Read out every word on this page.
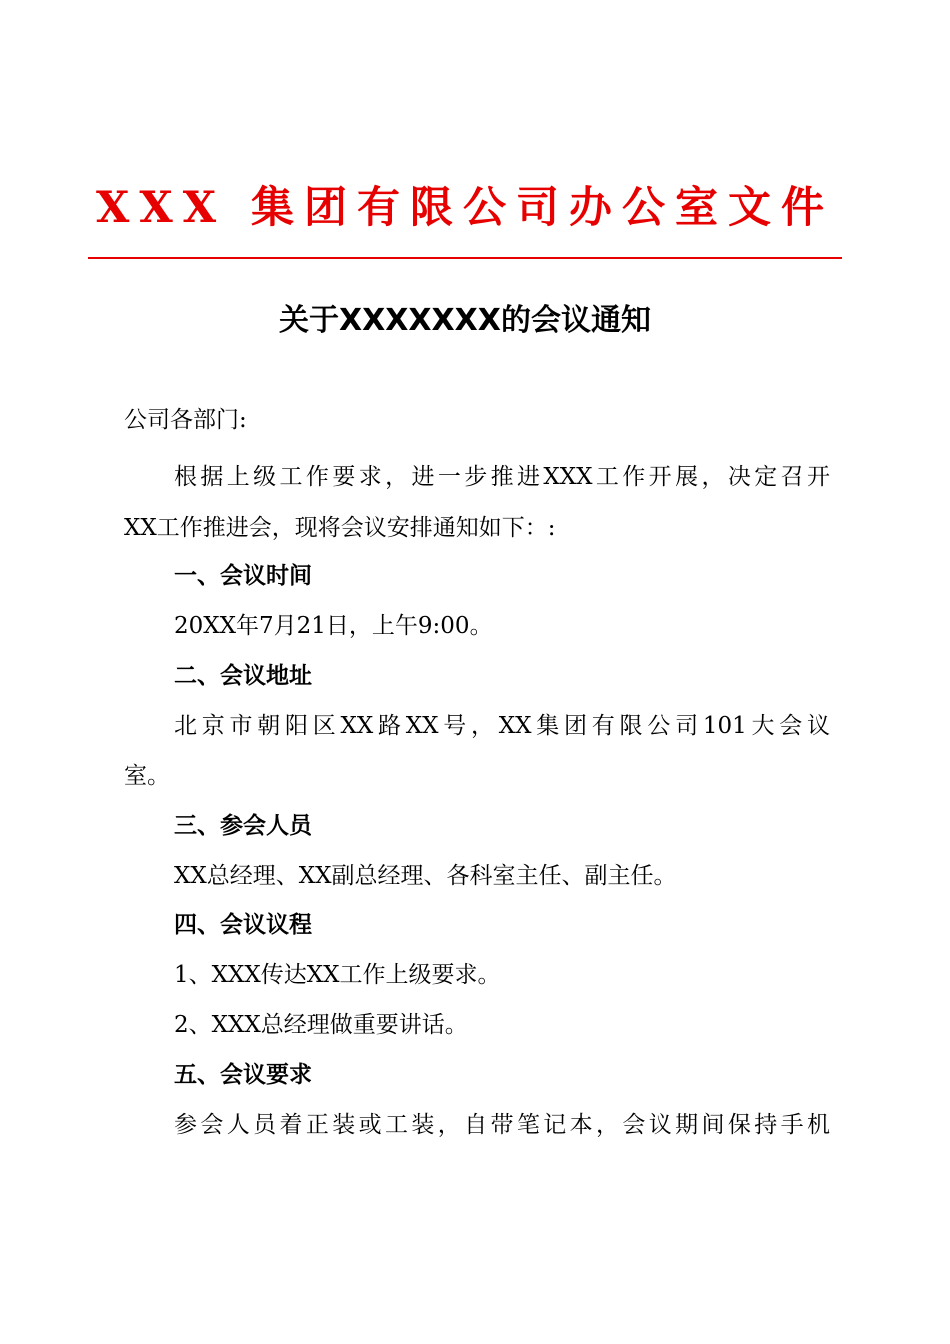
XXX 集团有限公司办公室文件
关于XXXXXXX的会议通知
公司各部门:
根据上级工作要求，进一步推进XXX工作开展，决定召开
XX工作推进会，现将会议安排通知如下：:
一、会议时间
20XX年7月21日，上午9:00。
二、会议地址
北京市朝阳区XX路XX号，XX集团有限公司101大会议
室。
三、参会人员
XX总经理、XX副总经理、各科室主任、副主任。
四、会议议程
1、XXX传达XX工作上级要求。
2、XXX总经理做重要讲话。
五、会议要求
参会人员着正装或工装，自带笔记本，会议期间保持手机
